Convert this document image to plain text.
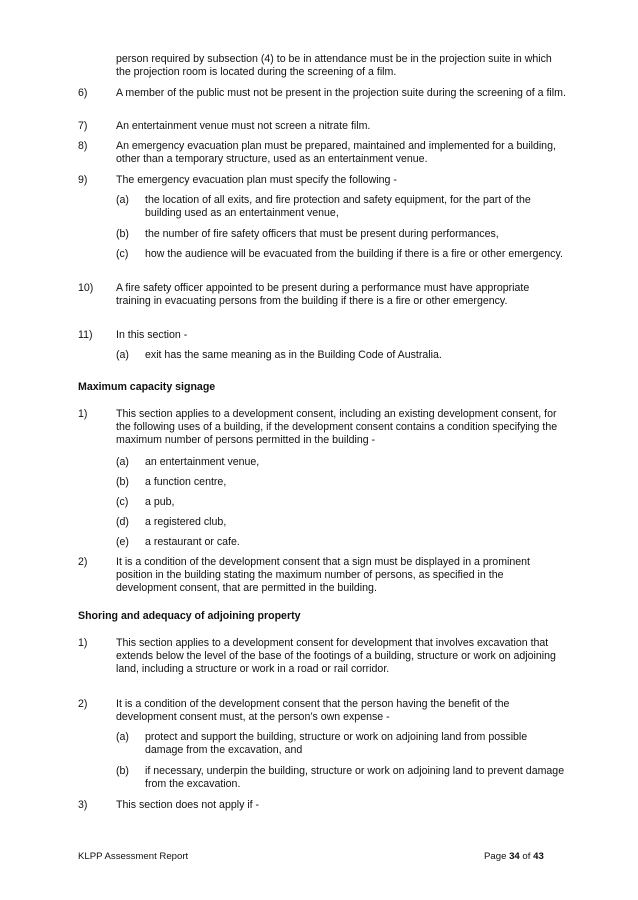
person required by subsection (4) to be in attendance must be in the projection suite in which the projection room is located during the screening of a film.
6)	A member of the public must not be present in the projection suite during the screening of a film.
7)	An entertainment venue must not screen a nitrate film.
8)	An emergency evacuation plan must be prepared, maintained and implemented for a building, other than a temporary structure, used as an entertainment venue.
9)	The emergency evacuation plan must specify the following -
(a) the location of all exits, and fire protection and safety equipment, for the part of the building used as an entertainment venue,
(b) the number of fire safety officers that must be present during performances,
(c) how the audience will be evacuated from the building if there is a fire or other emergency.
10) A fire safety officer appointed to be present during a performance must have appropriate training in evacuating persons from the building if there is a fire or other emergency.
11) In this section -
(a) exit has the same meaning as in the Building Code of Australia.
Maximum capacity signage
1)	This section applies to a development consent, including an existing development consent, for the following uses of a building, if the development consent contains a condition specifying the maximum number of persons permitted in the building -
(a) an entertainment venue,
(b) a function centre,
(c) a pub,
(d) a registered club,
(e) a restaurant or cafe.
2)	It is a condition of the development consent that a sign must be displayed in a prominent position in the building stating the maximum number of persons, as specified in the development consent, that are permitted in the building.
Shoring and adequacy of adjoining property
1)	This section applies to a development consent for development that involves excavation that extends below the level of the base of the footings of a building, structure or work on adjoining land, including a structure or work in a road or rail corridor.
2)	It is a condition of the development consent that the person having the benefit of the development consent must, at the person’s own expense -
(a) protect and support the building, structure or work on adjoining land from possible damage from the excavation, and
(b) if necessary, underpin the building, structure or work on adjoining land to prevent damage from the excavation.
3)	This section does not apply if -
KLPP Assessment Report	Page 34 of 43
